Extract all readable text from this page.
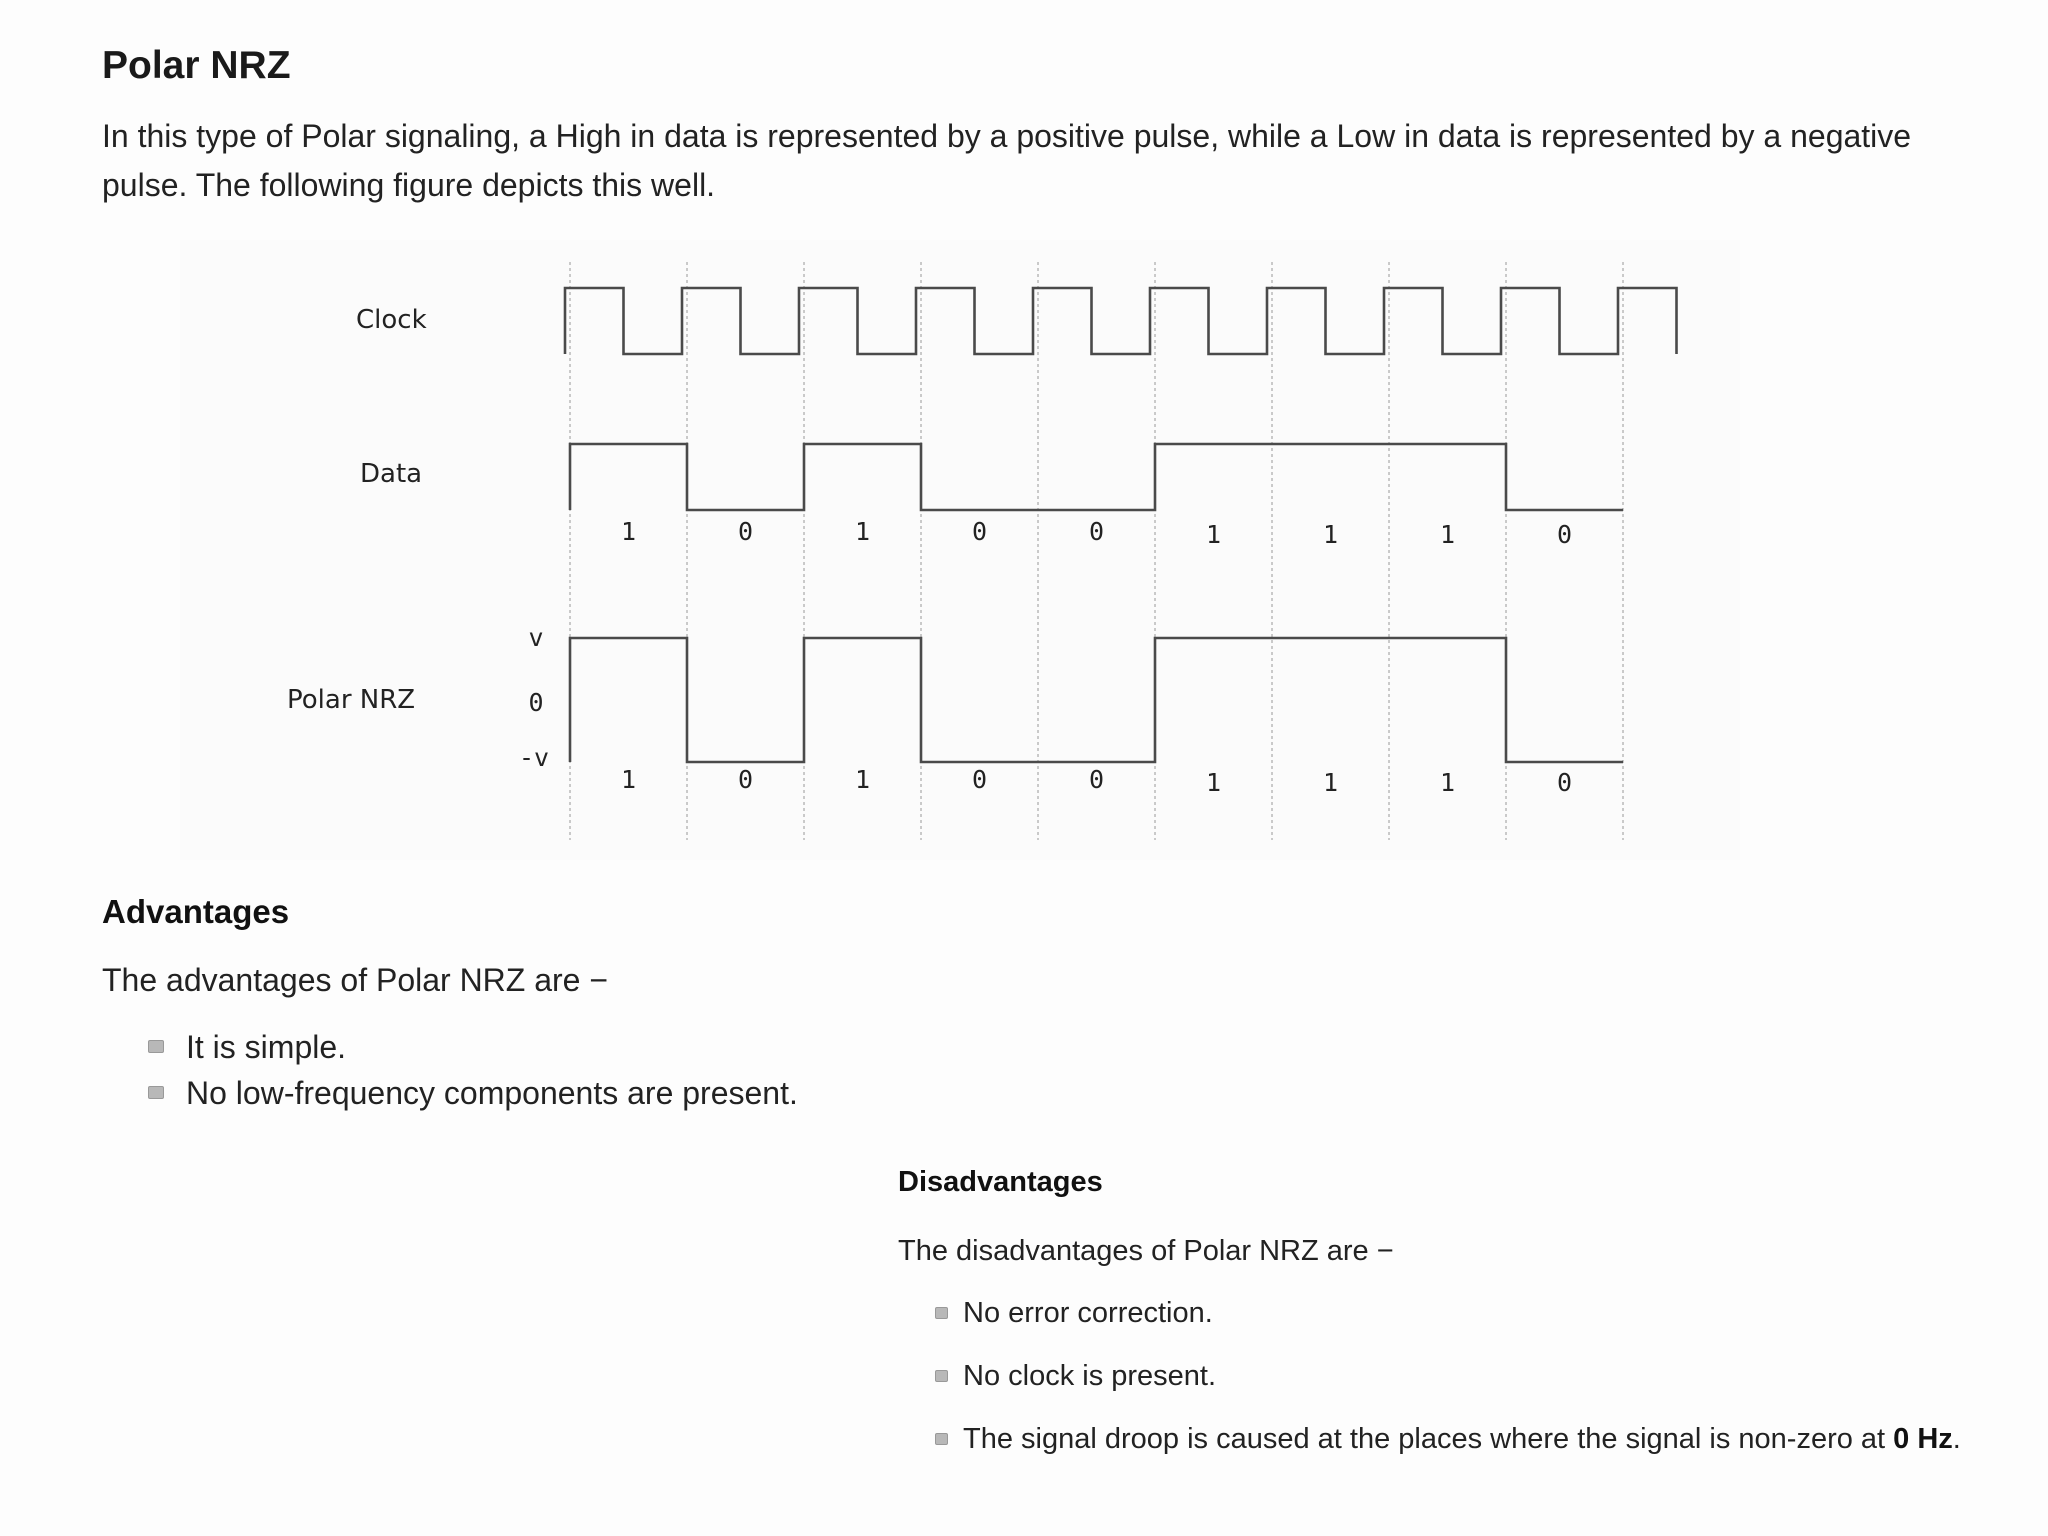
Polar NRZ

In this type of Polar signaling, a High in data is represented by a positive pulse, while a Low in data is represented by a negative pulse. The following figure depicts this well.

Clock
Data
Polar NRZ
v
0
-v
1	0	1	0	0	1	1	1	0
1	0	1	0	0	1	1	1	0
Advantages

The advantages of Polar NRZ are −

It is simple.
No low-frequency components are present.
Disadvantages

The disadvantages of Polar NRZ are −

No error correction.
No clock is present.
The signal droop is caused at the places where the signal is non-zero at 0 Hz.
